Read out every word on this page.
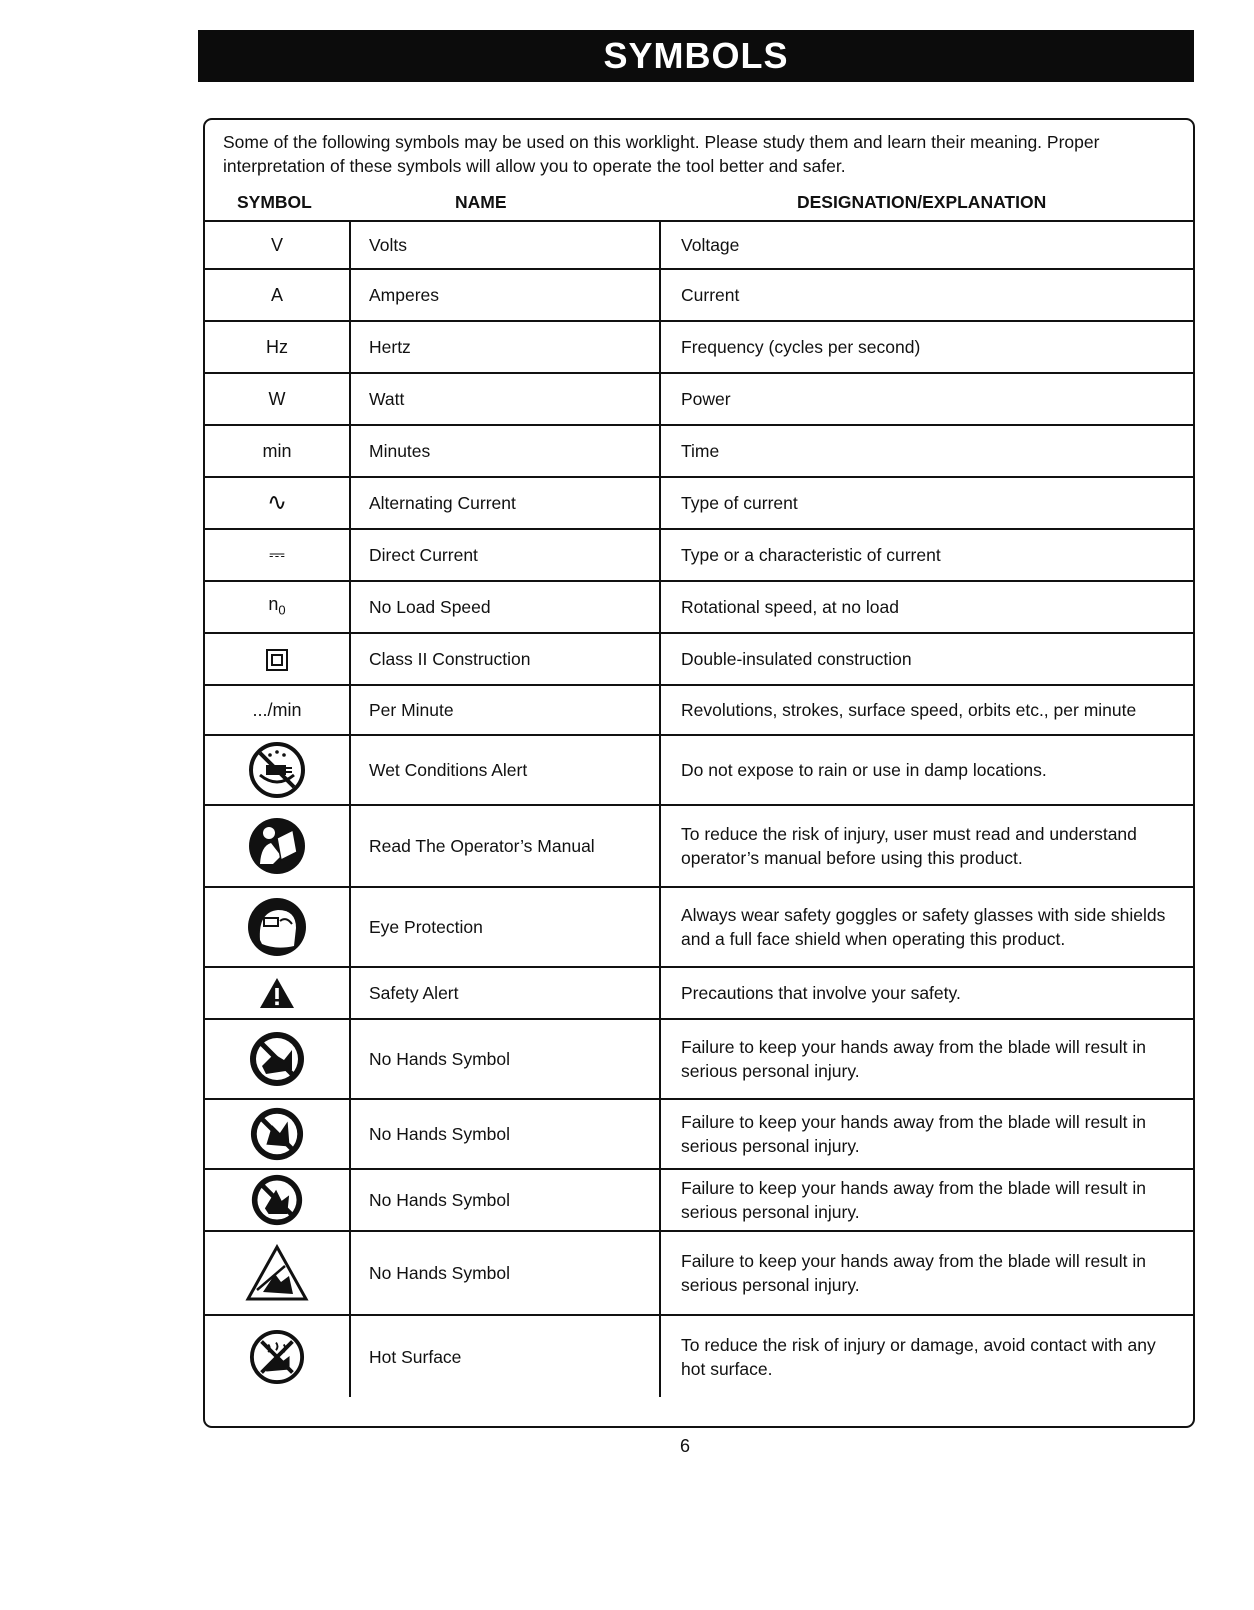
SYMBOLS
Some of the following symbols may be used on this worklight. Please study them and learn their meaning. Proper interpretation of these symbols will allow you to operate the tool better and safer.
SYMBOL	NAME	DESIGNATION/EXPLANATION
V	Volts	Voltage
A	Amperes	Current
Hz	Hertz	Frequency (cycles per second)
W	Watt	Power
min	Minutes	Time
∿	Alternating Current	Type of current
⎓	Direct Current	Type or a characteristic of current
$n_0$	No Load Speed	Rotational speed, at no load
	Class II Construction	Double-insulated construction
.../min	Per Minute	Revolutions, strokes, surface speed, orbits etc., per minute
	Wet Conditions Alert	Do not expose to rain or use in damp locations.
	Read The Operator’s Manual	To reduce the risk of injury, user must read and understand operator’s manual before using this product.
	Eye Protection	Always wear safety goggles or safety glasses with side shields and a full face shield when operating this product.
	Safety Alert	Precautions that involve your safety.
	No Hands Symbol	Failure to keep your hands away from the blade will result in serious personal injury.
	No Hands Symbol	Failure to keep your hands away from the blade will result in serious personal injury.
	No Hands Symbol	Failure to keep your hands away from the blade will result in serious personal injury.
	No Hands Symbol	Failure to keep your hands away from the blade will result in serious personal injury.
	Hot Surface	To reduce the risk of injury or damage, avoid contact with any hot surface.
6
